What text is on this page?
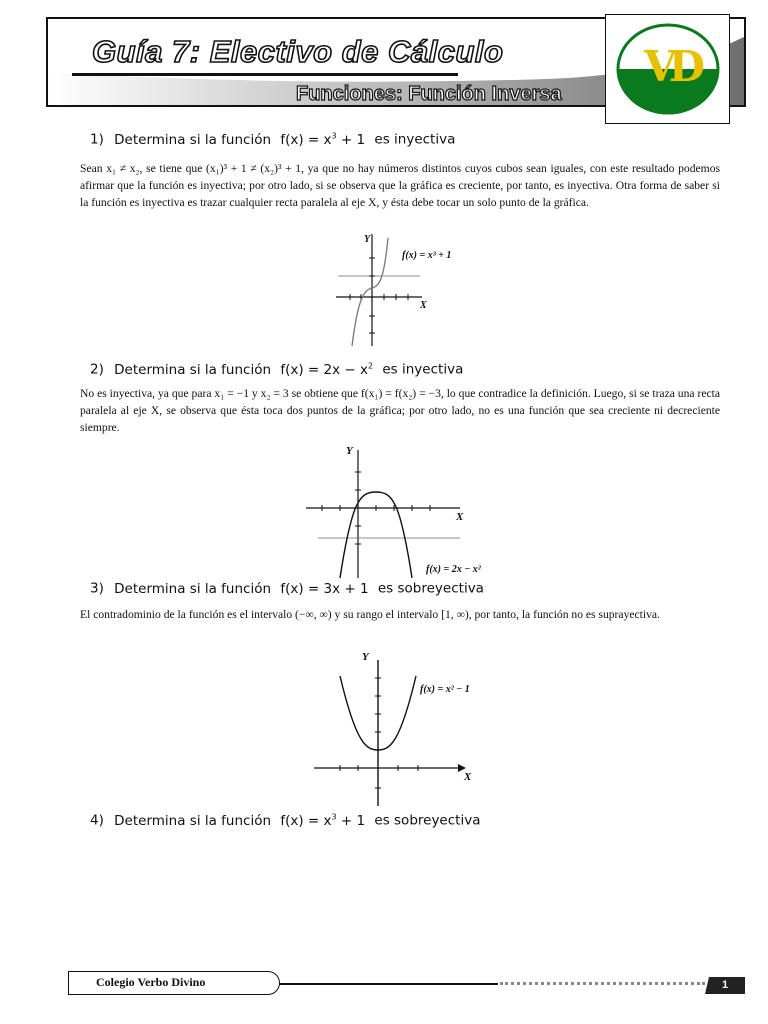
Guía 7: Electivo de Cálculo
Funciones: Función Inversa
VD
1) Determina si la función $f(x) = x^3 + 1$ es inyectiva
Sean x₁ ≠ x₂, se tiene que (x₁)³ + 1 ≠ (x₂)³ + 1, ya que no hay números distintos cuyos cubos sean iguales, con este resultado podemos afirmar que la función es inyectiva; por otro lado, si se observa que la gráfica es creciente, por tanto, es inyectiva. Otra forma de saber si la función es inyectiva es trazar cualquier recta paralela al eje X, y ésta debe tocar un solo punto de la gráfica.
Y
X
f(x) = x³ + 1
2) Determina si la función $f(x) = 2x - x^2$ es inyectiva
No es inyectiva, ya que para x₁ = −1 y x₂ = 3 se obtiene que f(x₁) = f(x₂) = −3, lo que contradice la definición. Luego, si se traza una recta paralela al eje X, se observa que ésta toca dos puntos de la gráfica; por otro lado, no es una función que sea creciente ni decreciente siempre.
Y
X
f(x) = 2x − x²
3) Determina si la función f(x) = 3x + 1 es sobreyectiva
El contradominio de la función es el intervalo (−∞, ∞) y su rango el intervalo [1, ∞), por tanto, la función no es suprayectiva.
Y
X
f(x) = x² − 1
4) Determina si la función $f(x) = x^3 + 1$ es sobreyectiva
Colegio Verbo Divino	1
